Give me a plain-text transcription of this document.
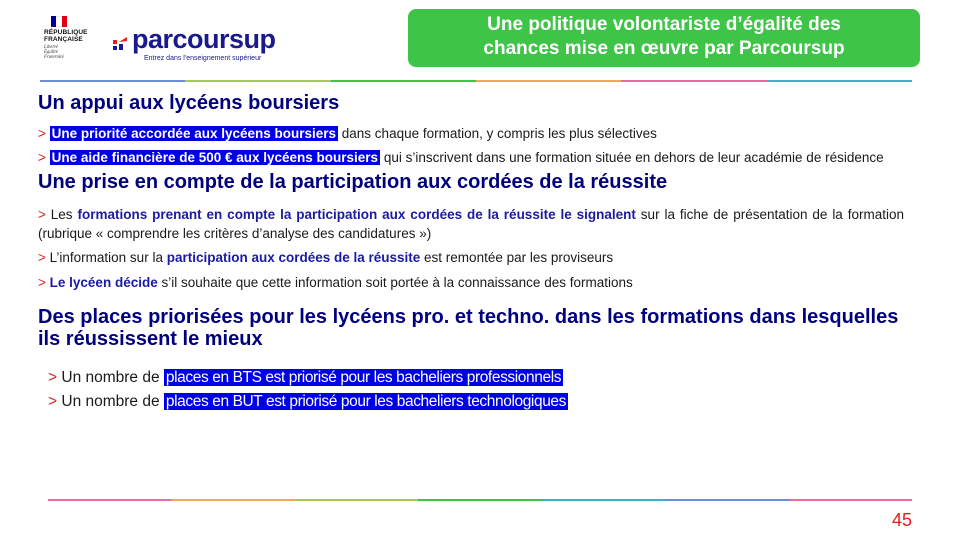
RÉPUBLIQUE
FRANÇAISE
Liberté
Égalité
Fraternité
parcoursup
Entrez dans l'enseignement supérieur
Une politique volontariste d’égalité des
chances mise en œuvre par Parcoursup
Un appui aux lycéens boursiers

> Une priorité accordée aux lycéens boursiers dans chaque formation, y compris les plus sélectives

> Une aide financière de 500 € aux lycéens boursiers qui s’inscrivent dans une formation située en dehors de leur académie de résidence

Une prise en compte de la participation aux cordées de la réussite

> Les formations prenant en compte la participation aux cordées de la réussite le signalent sur la fiche de présentation de la formation (rubrique « comprendre les critères d’analyse des candidatures »)

> L’information sur la participation aux cordées de la réussite est remontée par les proviseurs

> Le lycéen décide s’il souhaite que cette information soit portée à la connaissance des formations

Des places priorisées pour les lycéens pro. et techno. dans les formations dans lesquelles ils réussissent le mieux

> Un nombre de places en BTS est priorisé pour les bacheliers professionnels

> Un nombre de places en BUT est priorisé pour les bacheliers technologiques

45
